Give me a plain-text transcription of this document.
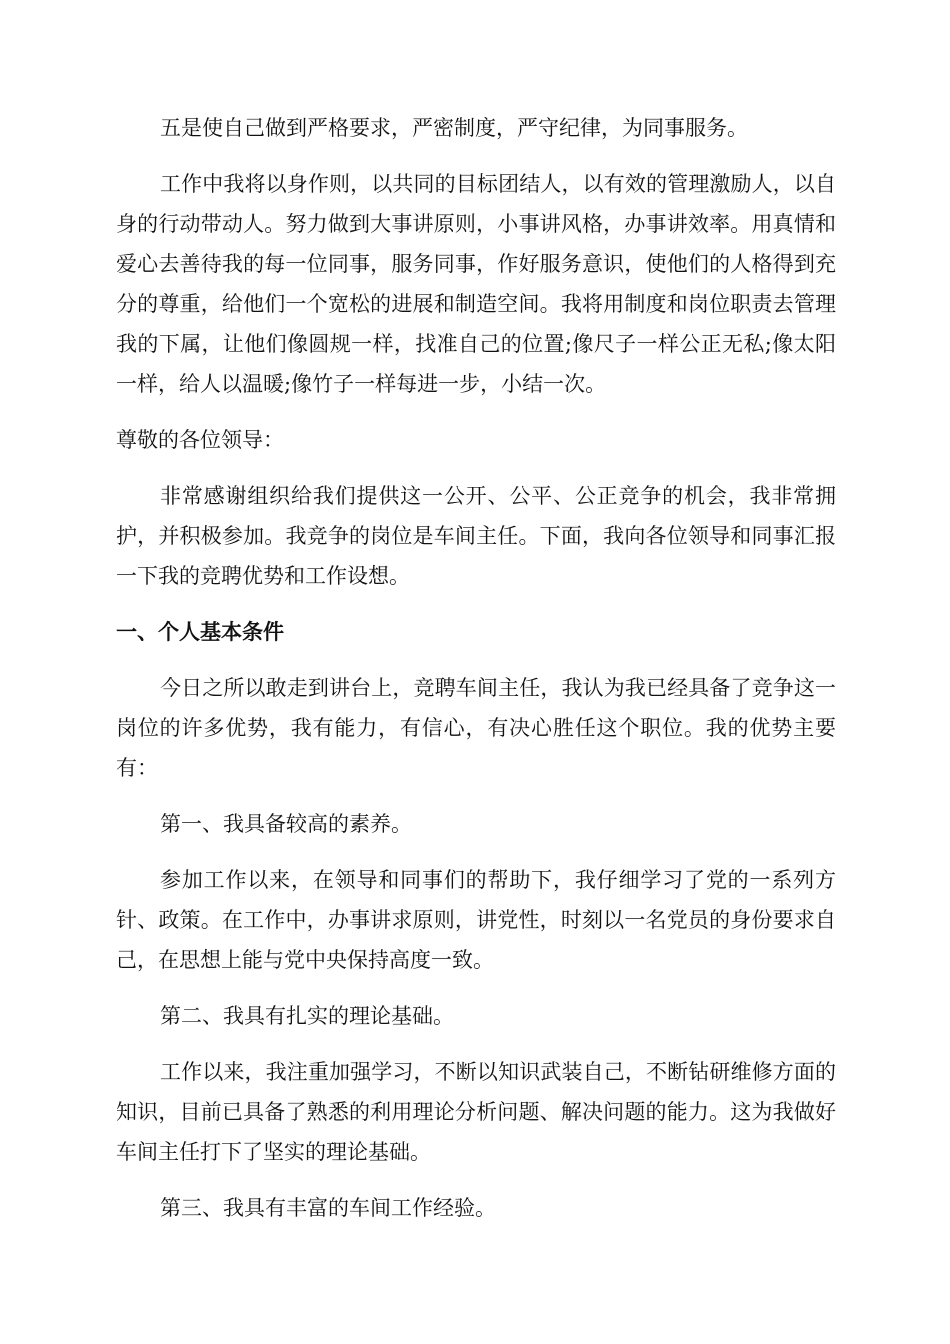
五是使自己做到严格要求，严密制度，严守纪律，为同事服务。

工作中我将以身作则，以共同的目标团结人，以有效的管理激励人，以自身的行动带动人。努力做到大事讲原则，小事讲风格，办事讲效率。用真情和爱心去善待我的每一位同事，服务同事，作好服务意识，使他们的人格得到充分的尊重，给他们一个宽松的进展和制造空间。我将用制度和岗位职责去管理我的下属，让他们像圆规一样，找准自己的位置;像尺子一样公正无私;像太阳一样，给人以温暖;像竹子一样每进一步，小结一次。

尊敬的各位领导：

非常感谢组织给我们提供这一公开、公平、公正竞争的机会，我非常拥护，并积极参加。我竞争的岗位是车间主任。下面，我向各位领导和同事汇报一下我的竞聘优势和工作设想。

一、个人基本条件

今日之所以敢走到讲台上，竞聘车间主任，我认为我已经具备了竞争这一岗位的许多优势，我有能力，有信心，有决心胜任这个职位。我的优势主要有：

第一、我具备较高的素养。

参加工作以来，在领导和同事们的帮助下，我仔细学习了党的一系列方针、政策。在工作中，办事讲求原则，讲党性，时刻以一名党员的身份要求自己，在思想上能与党中央保持高度一致。

第二、我具有扎实的理论基础。

工作以来，我注重加强学习，不断以知识武装自己，不断钻研维修方面的知识，目前已具备了熟悉的利用理论分析问题、解决问题的能力。这为我做好车间主任打下了坚实的理论基础。

第三、我具有丰富的车间工作经验。
